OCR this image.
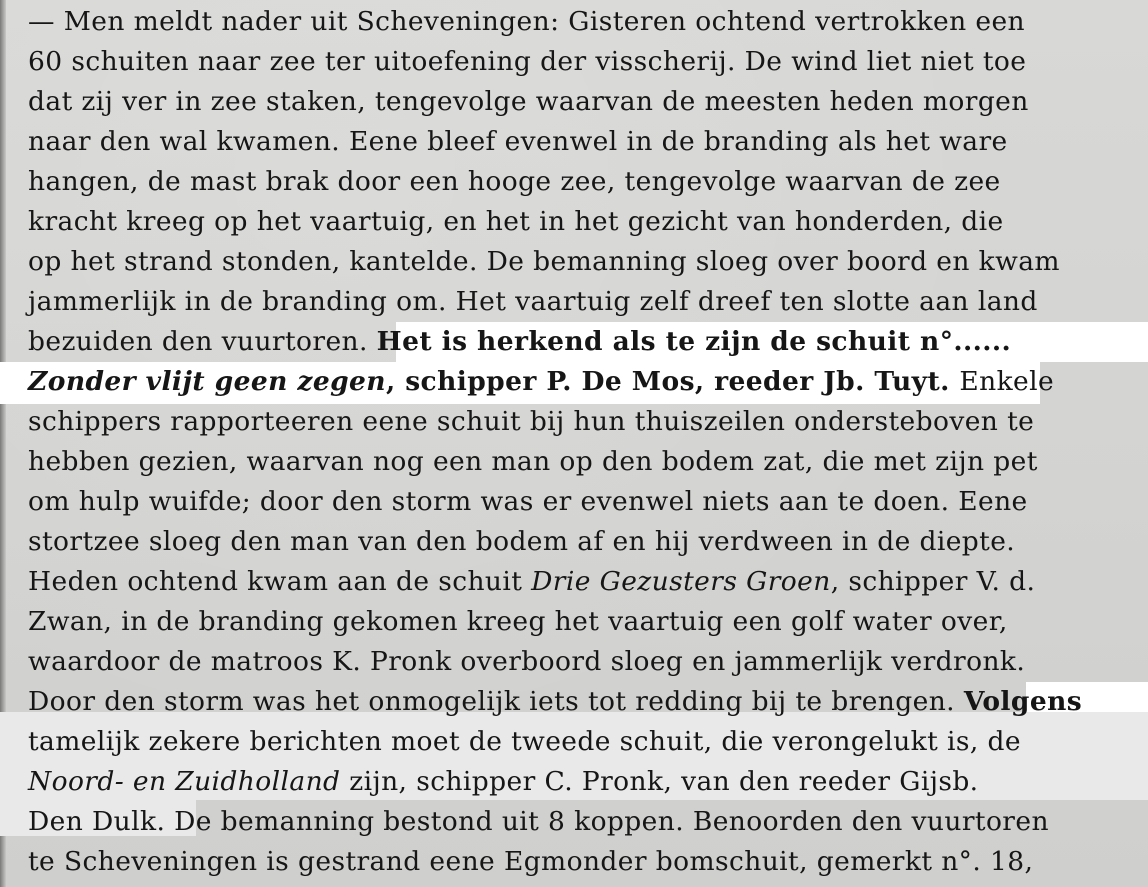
— Men meldt nader uit Scheveningen: Gisteren ochtend vertrokken een
60 schuiten naar zee ter uitoefening der visscherij. De wind liet niet toe
dat zij ver in zee staken, tengevolge waarvan de meesten heden morgen
naar den wal kwamen. Eene bleef evenwel in de branding als het ware
hangen, de mast brak door een hooge zee, tengevolge waarvan de zee
kracht kreeg op het vaartuig, en het in het gezicht van honderden, die
op het strand stonden, kantelde. De bemanning sloeg over boord en kwam
jammerlijk in de branding om. Het vaartuig zelf dreef ten slotte aan land
bezuiden den vuurtoren. Het is herkend als te zijn de schuit n°......
Zonder vlijt geen zegen, schipper P. De Mos, reeder Jb. Tuyt. Enkele
schippers rapporteeren eene schuit bij hun thuiszeilen ondersteboven te
hebben gezien, waarvan nog een man op den bodem zat, die met zijn pet
om hulp wuifde; door den storm was er evenwel niets aan te doen. Eene
stortzee sloeg den man van den bodem af en hij verdween in de diepte.
Heden ochtend kwam aan de schuit Drie Gezusters Groen, schipper V. d.
Zwan, in de branding gekomen kreeg het vaartuig een golf water over,
waardoor de matroos K. Pronk overboord sloeg en jammerlijk verdronk.
Door den storm was het onmogelijk iets tot redding bij te brengen. Volgens
tamelijk zekere berichten moet de tweede schuit, die verongelukt is, de
Noord- en Zuidholland zijn, schipper C. Pronk, van den reeder Gijsb.
Den Dulk. De bemanning bestond uit 8 koppen. Benoorden den vuurtoren
te Scheveningen is gestrand eene Egmonder bomschuit, gemerkt n°. 18,
